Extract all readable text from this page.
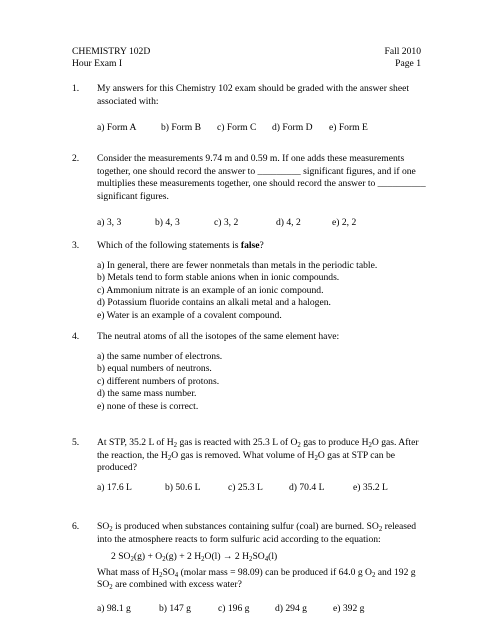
CHEMISTRY 102D
Hour Exam I
Fall 2010
Page 1
1. My answers for this Chemistry 102 exam should be graded with the answer sheet associated with:

a) Form A	b) Form B c) Form C d) Form D e) Form E
2. Consider the measurements 9.74 m and 0.59 m. If one adds these measurements together, one should record the answer to _________ significant figures, and if one multiplies these measurements together, one should record the answer to __________ significant figures.

a) 3, 3	b) 4, 3	c) 3, 2	d) 4, 2	e) 2, 2
3. Which of the following statements is false?

a) In general, there are fewer nonmetals than metals in the periodic table.
b) Metals tend to form stable anions when in ionic compounds.
c) Ammonium nitrate is an example of an ionic compound.
d) Potassium fluoride contains an alkali metal and a halogen.
e) Water is an example of a covalent compound.
4. The neutral atoms of all the isotopes of the same element have:

a) the same number of electrons.
b) equal numbers of neutrons.
c) different numbers of protons.
d) the same mass number.
e) none of these is correct.
5. At STP, 35.2 L of $H_2$ gas is reacted with 25.3 L of $O_2$ gas to produce $H_2O$ gas. After the reaction, the $H_2O$ gas is removed. What volume of $H_2O$ gas at STP can be produced?

a) 17.6 L	b) 50.6 L	c) 25.3 L	d) 70.4 L	e) 35.2 L
6. $SO_2$ is produced when substances containing sulfur (coal) are burned. $SO_2$ released into the atmosphere reacts to form sulfuric acid according to the equation:

2 $SO_2(g) + O_2(g) + 2$ $H_2O(l) \to 2$ $H_2SO_4(l)$

What mass of $H_2SO_4$ (molar mass = 98.09) can be produced if 64.0 g $O_2$ and 192 g $SO_2$ are combined with excess water?

a) 98.1 g	b) 147 g	c) 196 g	d) 294 g	e) 392 g
